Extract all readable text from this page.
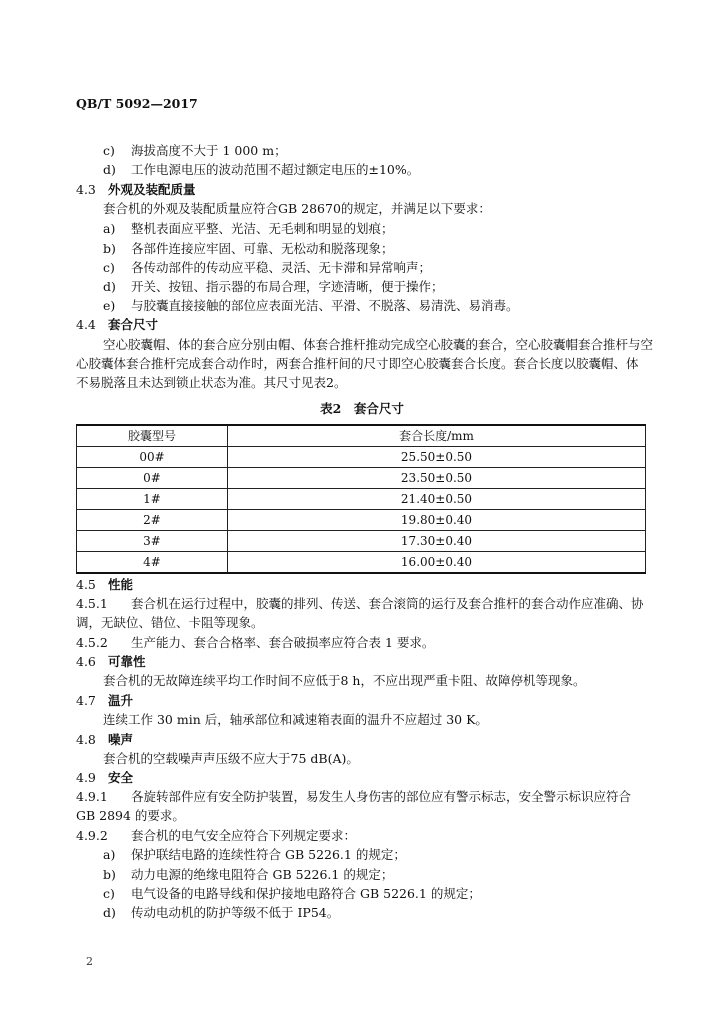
QB/T 5092—2017
c) 海拔高度不大于 1 000 m；
d) 工作电源电压的波动范围不超过额定电压的±10%。
4.3 外观及装配质量
套合机的外观及装配质量应符合GB 28670的规定，并满足以下要求：
a) 整机表面应平整、光洁、无毛刺和明显的划痕；
b) 各部件连接应牢固、可靠、无松动和脱落现象；
c) 各传动部件的传动应平稳、灵活、无卡滞和异常响声；
d) 开关、按钮、指示器的布局合理，字迹清晰，便于操作；
e) 与胶囊直接接触的部位应表面光洁、平滑、不脱落、易清洗、易消毒。
4.4 套合尺寸
空心胶囊帽、体的套合应分别由帽、体套合推杆推动完成空心胶囊的套合，空心胶囊帽套合推杆与空
心胶囊体套合推杆完成套合动作时，两套合推杆间的尺寸即空心胶囊套合长度。套合长度以胶囊帽、体
不易脱落且未达到锁止状态为准。其尺寸见表2。
表2　套合尺寸
胶囊型号	套合长度/mm
00#	25.50±0.50
0#	23.50±0.50
1#	21.40±0.50
2#	19.80±0.40
3#	17.30±0.40
4#	16.00±0.40
4.5 性能
4.5.1 套合机在运行过程中，胶囊的排列、传送、套合滚筒的运行及套合推杆的套合动作应准确、协
调，无缺位、错位、卡阻等现象。
4.5.2 生产能力、套合合格率、套合破损率应符合表 1 要求。
4.6 可靠性
套合机的无故障连续平均工作时间不应低于8 h，不应出现严重卡阻、故障停机等现象。
4.7 温升
连续工作 30 min 后，轴承部位和减速箱表面的温升不应超过 30 K。
4.8 噪声
套合机的空载噪声声压级不应大于75 dB(A)。
4.9 安全
4.9.1 各旋转部件应有安全防护装置，易发生人身伤害的部位应有警示标志，安全警示标识应符合
GB 2894 的要求。
4.9.2 套合机的电气安全应符合下列规定要求：
a) 保护联结电路的连续性符合 GB 5226.1 的规定；
b) 动力电源的绝缘电阻符合 GB 5226.1 的规定；
c) 电气设备的电路导线和保护接地电路符合 GB 5226.1 的规定；
d) 传动电动机的防护等级不低于 IP54。
2
